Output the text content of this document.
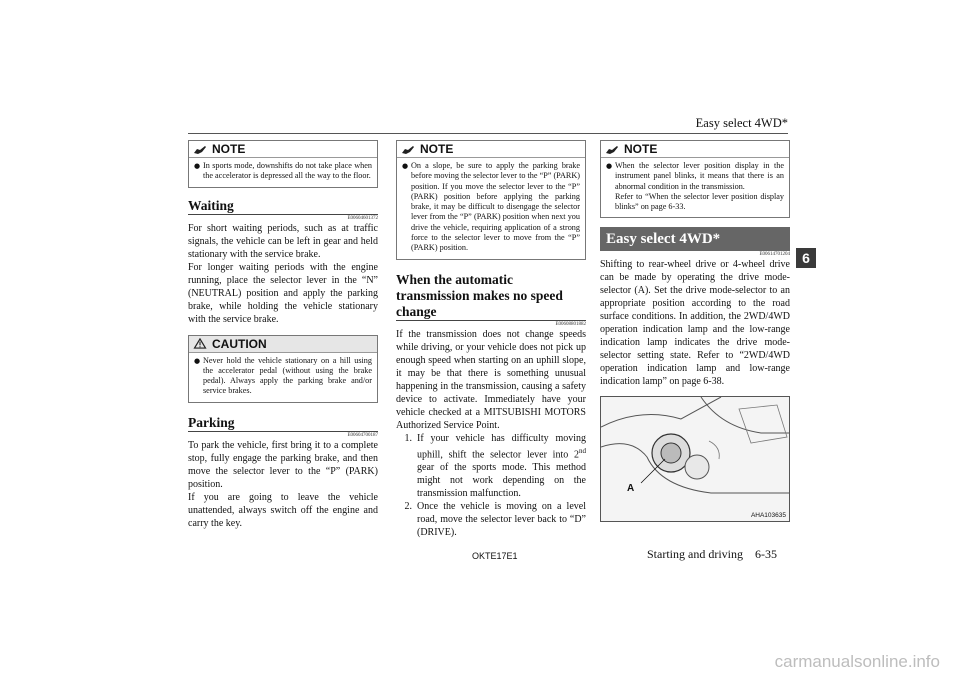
Easy select 4WD*
6
NOTE
● In sports mode, downshifts do not take place when the accelerator is depressed all the way to the floor.
Waiting
E00604601372

For short waiting periods, such as at traffic signals, the vehicle can be left in gear and held stationary with the service brake.

For longer waiting periods with the engine running, place the selector lever in the “N” (NEUTRAL) position and apply the parking brake, while holding the vehicle stationary with the service brake.

CAUTION
● Never hold the vehicle stationary on a hill using the accelerator pedal (without using the brake pedal). Always apply the parking brake and/or service brakes.
Parking
E00604700187

To park the vehicle, first bring it to a complete stop, fully engage the parking brake, and then move the selector lever to the “P” (PARK) position.

If you are going to leave the vehicle unattended, always switch off the engine and carry the key.

NOTE
● On a slope, be sure to apply the parking brake before moving the selector lever to the “P” (PARK) position. If you move the selector lever to the “P” (PARK) position before applying the parking brake, it may be difficult to disengage the selector lever from the “P” (PARK) position when next you drive the vehicle, requiring application of a strong force to the selector lever to move from the “P” (PARK) position.
When the automatic transmission makes no speed change
E00608801882

If the transmission does not change speeds while driving, or your vehicle does not pick up enough speed when starting on an uphill slope, it may be that there is something unusual happening in the transmission, causing a safety device to activate. Immediately have your vehicle checked at a MITSUBISHI MOTORS Authorized Service Point.

1. If your vehicle has difficulty moving uphill, shift the selector lever into 2nd gear of the sports mode. This method might not work depending on the transmission malfunction.
2. Once the vehicle is moving on a level road, move the selector lever back to “D” (DRIVE).
NOTE
● When the selector lever position display in the instrument panel blinks, it means that there is an abnormal condition in the transmission.
Refer to “When the selector lever position display blinks” on page 6-33.
Easy select 4WD*
E00614701204

Shifting to rear-wheel drive or 4-wheel drive can be made by operating the drive mode-selector (A). Set the drive mode-selector to an appropriate position according to the road surface conditions. In addition, the 2WD/4WD operation indication lamp and the low-range indication lamp indicates the drive mode-selector setting state. Refer to “2WD/4WD operation indication lamp and low-range indication lamp” on page 6-38.

A
AHA103635
OKTE17E1	Starting and driving 6-35
carmanualsonline.info
